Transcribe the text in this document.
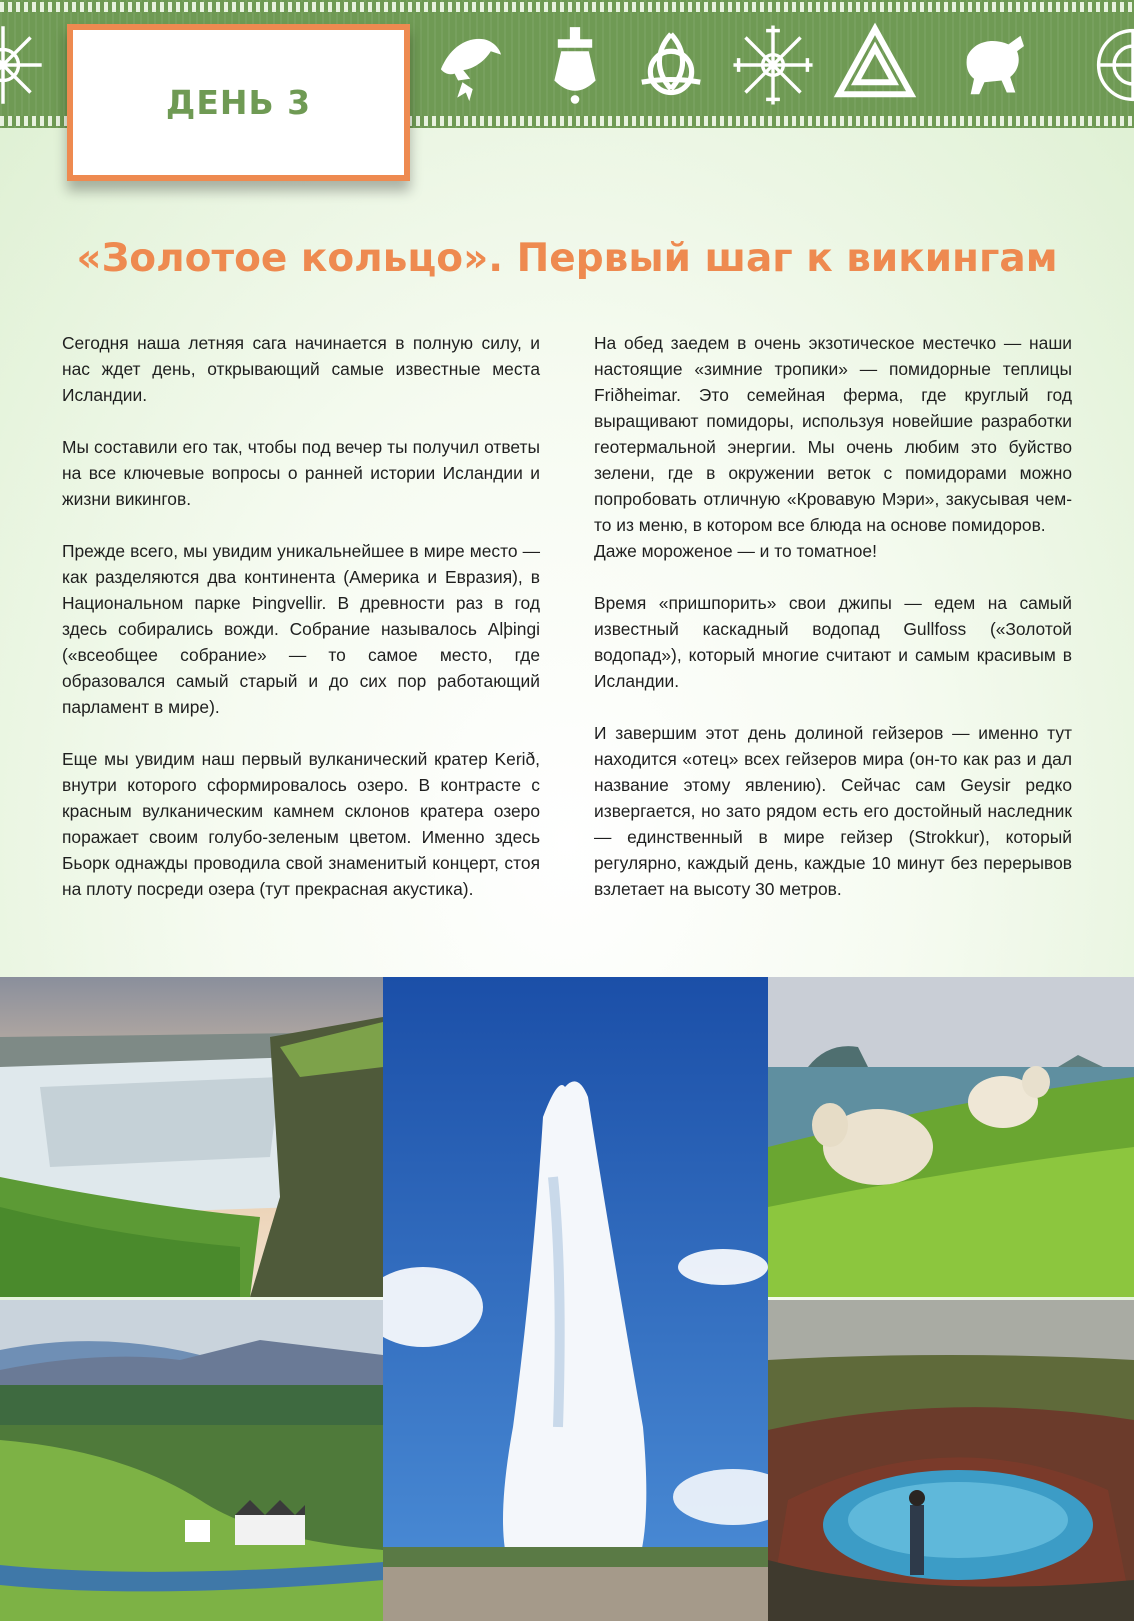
ДЕНЬ 3
«Золотое кольцо». Первый шаг к викингам

Сегодня наша летняя сага начинается в полную силу, и нас ждет день, открывающий самые известные места Исландии.

Мы составили его так, чтобы под вечер ты получил ответы на все ключевые вопросы о ранней истории Исландии и жизни викингов.

Прежде всего, мы увидим уникальнейшее в мире место — как разделяются два континента (Америка и Евразия), в Национальном парке Þingvellir. В древности раз в год здесь собирались вожди. Собрание называлось Alþingi («всеобщее собрание» — то самое место, где образовался самый старый и до сих пор работающий парламент в мире).

Еще мы увидим наш первый вулканический кратер Kerið, внутри которого сформировалось озеро. В контрасте с красным вулканическим камнем склонов кратера озеро поражает своим голубо-зеленым цветом. Именно здесь Бьорк однажды проводила свой знаменитый концерт, стоя на плоту посреди озера (тут прекрасная акустика).

На обед заедем в очень экзотическое местечко — наши настоящие «зимние тропики» — помидорные теплицы Friðheimar. Это семейная ферма, где круглый год выращивают помидоры, используя новейшие разработки геотермальной энергии. Мы очень любим это буйство зелени, где в окружении веток с помидорами можно попробовать отличную «Кровавую Мэри», закусывая чем-то из меню, в котором все блюда на основе помидоров.

Даже мороженое — и то томатное!

Время «пришпорить» свои джипы — едем на самый известный каскадный водопад Gullfoss («Золотой водопад»), который многие считают и самым красивым в Исландии.

И завершим этот день долиной гейзеров — именно тут находится «отец» всех гейзеров мира (он-то как раз и дал название этому явлению). Сейчас сам Geysir редко извергается, но зато рядом есть его достойный наследник — единственный в мире гейзер (Strokkur), который регулярно, каждый день, каждые 10 минут без перерывов взлетает на высоту 30 метров.
